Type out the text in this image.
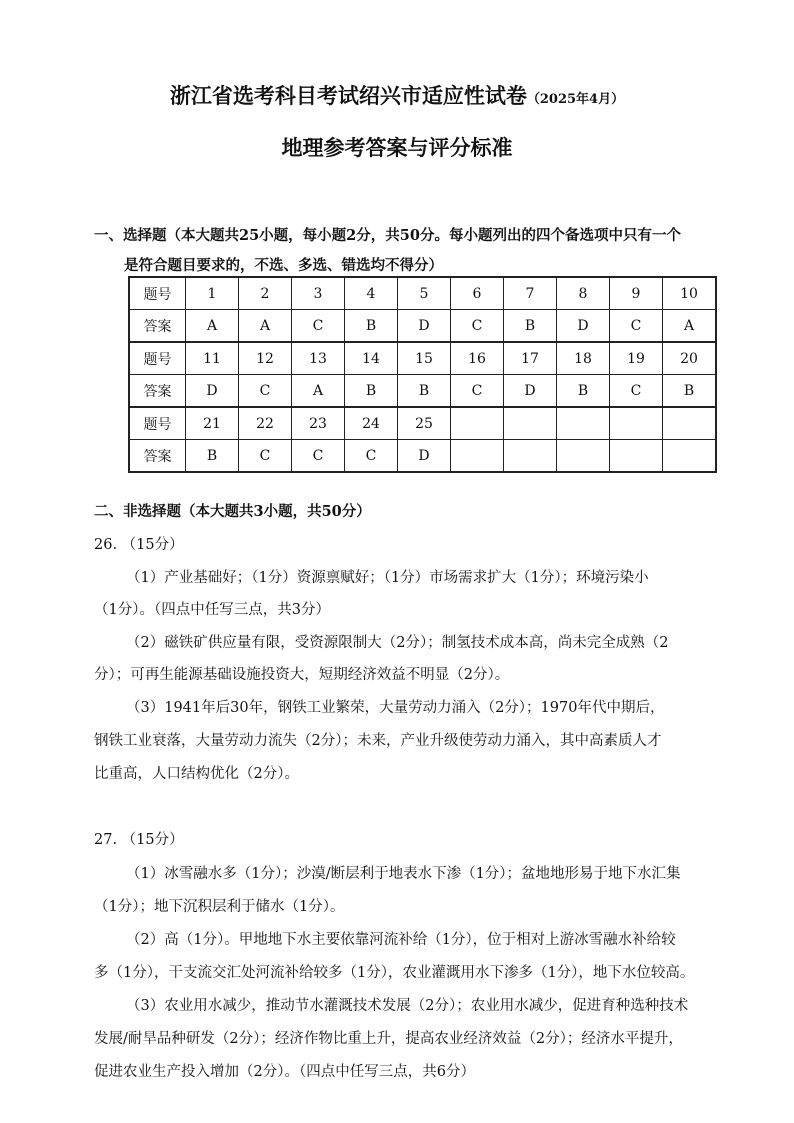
浙江省选考科目考试绍兴市适应性试卷（2025年4月）
地理参考答案与评分标准
一、选择题（本大题共25小题，每小题2分，共50分。每小题列出的四个备选项中只有一个
是符合题目要求的，不选、多选、错选均不得分）
题号	1	2	3	4	5	6	7	8	9	10
答案	A	A	C	B	D	C	B	D	C	A
题号	11	12	13	14	15	16	17	18	19	20
答案	D	C	A	B	B	C	D	B	C	B
题号	21	22	23	24	25					
答案	B	C	C	C	D					
二、非选择题（本大题共3小题，共50分）
26. （15分）
（1）产业基础好；（1分）资源禀赋好；（1分）市场需求扩大（1分）；环境污染小
（1分）。（四点中任写三点，共3分）
（2）磁铁矿供应量有限，受资源限制大（2分）；制氢技术成本高，尚未完全成熟（2
分）；可再生能源基础设施投资大，短期经济效益不明显（2分）。
（3）1941年后30年，钢铁工业繁荣，大量劳动力涌入（2分）；1970年代中期后，
钢铁工业衰落，大量劳动力流失（2分）；未来，产业升级使劳动力涌入，其中高素质人才
比重高，人口结构优化（2分）。
27. （15分）
（1）冰雪融水多（1分）；沙漠/断层利于地表水下渗（1分）；盆地地形易于地下水汇集
（1分）；地下沉积层利于储水（1分）。
（2）高（1分）。甲地地下水主要依靠河流补给（1分），位于相对上游冰雪融水补给较
多（1分），干支流交汇处河流补给较多（1分），农业灌溉用水下渗多（1分），地下水位较高。
（3）农业用水减少，推动节水灌溉技术发展（2分）；农业用水减少，促进育种选种技术
发展/耐旱品种研发（2分）；经济作物比重上升，提高农业经济效益（2分）；经济水平提升，
促进农业生产投入增加（2分）。（四点中任写三点，共6分）
